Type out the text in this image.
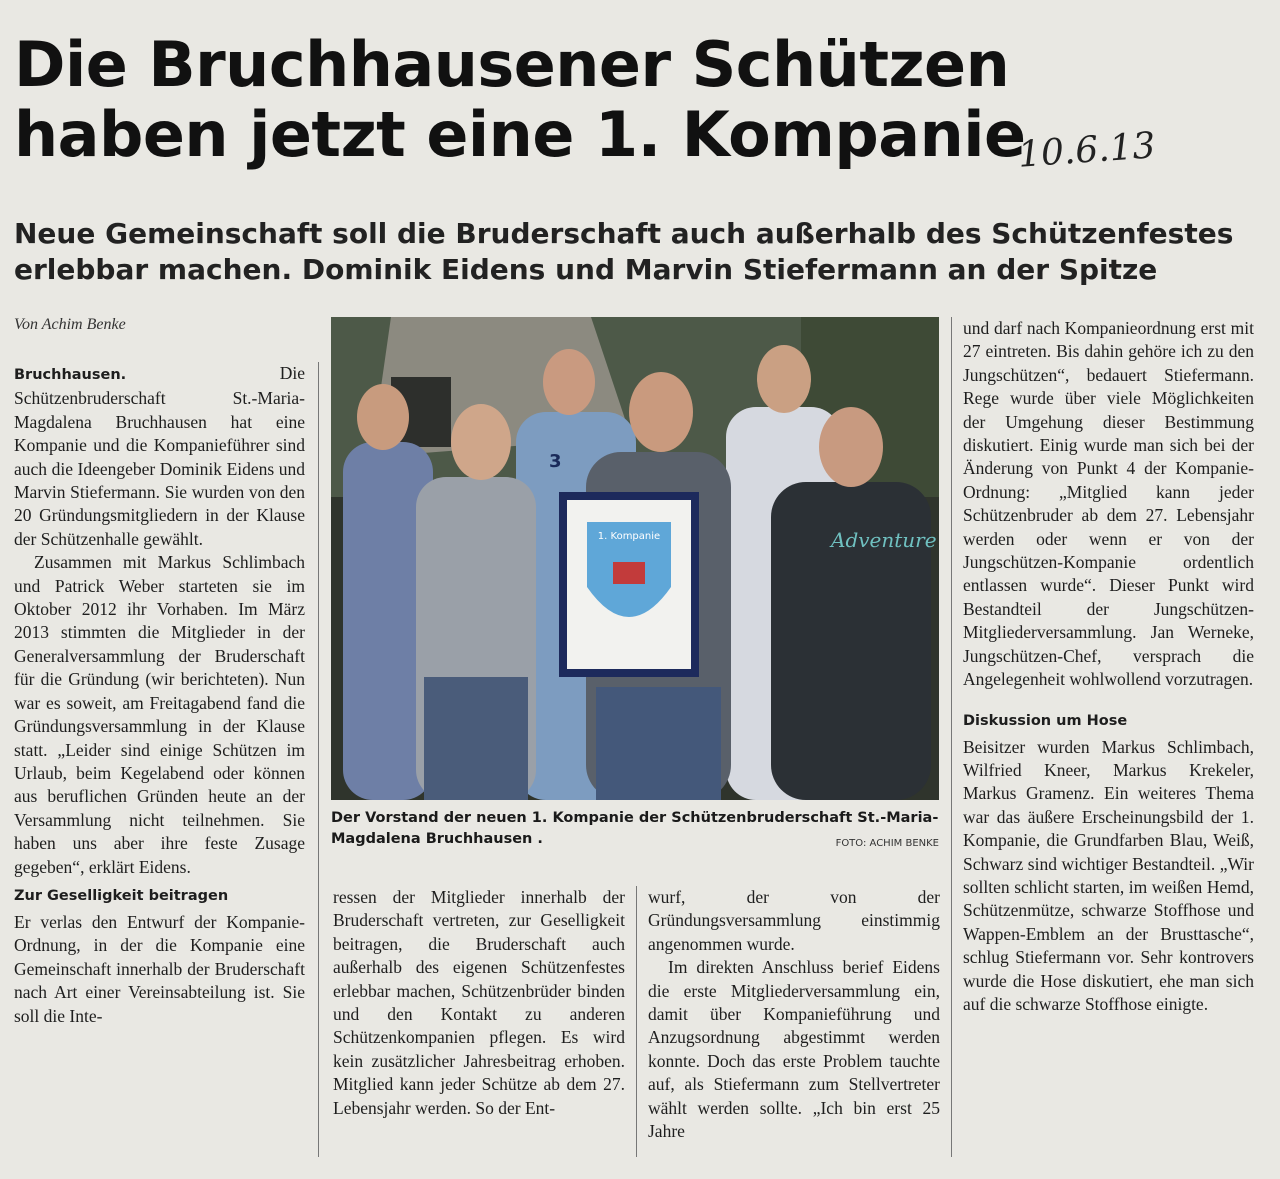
Die Bruchhausener Schützen
haben jetzt eine 1. Kompanie
10.6.13
Neue Gemeinschaft soll die Bruderschaft auch außerhalb des Schützenfestes
erlebbar machen. Dominik Eidens und Marvin Stiefermann an der Spitze
Von Achim Benke

Bruchhausen.	Die Schützenbruderschaft St.-Maria-Magdalena Bruchhausen hat eine Kompanie und die Kompanieführer sind auch die Ideengeber Dominik Eidens und Marvin Stiefermann. Sie wurden von den 20 Gründungsmitgliedern in der Klause der Schützenhalle gewählt.

Zusammen mit Markus Schlimbach und Patrick Weber starteten sie im Oktober 2012 ihr Vorhaben. Im März 2013 stimmten die Mitglieder in der Generalversammlung der Bruderschaft für die Gründung (wir berichteten). Nun war es soweit, am Freitagabend fand die Gründungsversammlung in der Klause statt. „Leider sind einige Schützen im Urlaub, beim Kegelabend oder können aus beruflichen Gründen heute an der Versammlung nicht teilnehmen. Sie haben uns aber ihre feste Zusage gegeben“, erklärt Eidens.

Zur Geselligkeit beitragen

Er verlas den Entwurf der Kompanie-Ordnung, in der die Kompanie eine Gemeinschaft innerhalb der Bruderschaft nach Art einer Vereinsabteilung ist. Sie soll die Inte-

Adventure
1. Kompanie
3
Der Vorstand der neuen 1. Kompanie der Schützenbruderschaft St.-Maria-Magdalena Bruchhausen .	FOTO: ACHIM BENKE

ressen der Mitglieder innerhalb der Bruderschaft vertreten, zur Geselligkeit beitragen, die Bruderschaft auch außerhalb des eigenen Schützenfestes erlebbar machen, Schützenbrüder binden und den Kontakt zu anderen Schützenkompanien pflegen. Es wird kein zusätzlicher Jahresbeitrag erhoben. Mitglied kann jeder Schütze ab dem 27. Lebensjahr werden. So der Ent-

wurf, der von der Gründungsversammlung einstimmig angenommen wurde.

Im direkten Anschluss berief Eidens die erste Mitgliederversammlung ein, damit über Kompanieführung und Anzugsordnung abgestimmt werden konnte. Doch das erste Problem tauchte auf, als Stiefermann zum Stellvertreter wählt werden sollte. „Ich bin erst 25 Jahre

und darf nach Kompanieordnung erst mit 27 eintreten. Bis dahin gehöre ich zu den Jungschützen“, bedauert Stiefermann. Rege wurde über viele Möglichkeiten der Umgehung dieser Bestimmung diskutiert. Einig wurde man sich bei der Änderung von Punkt 4 der Kompanie-Ordnung: „Mitglied kann jeder Schützenbruder ab dem 27. Lebensjahr werden oder wenn er von der Jungschützen-Kompanie ordentlich entlassen wurde“. Dieser Punkt wird Bestandteil der Jungschützen-Mitgliederversammlung. Jan Werneke, Jungschützen-Chef, versprach die Angelegenheit wohlwollend vorzutragen.

Diskussion um Hose

Beisitzer wurden Markus Schlimbach, Wilfried Kneer, Markus Krekeler, Markus Gramenz. Ein weiteres Thema war das äußere Erscheinungsbild der 1. Kompanie, die Grundfarben Blau, Weiß, Schwarz sind wichtiger Bestandteil. „Wir sollten schlicht starten, im weißen Hemd, Schützenmütze, schwarze Stoffhose und Wappen-Emblem an der Brusttasche“, schlug Stiefermann vor. Sehr kontrovers wurde die Hose diskutiert, ehe man sich auf die schwarze Stoffhose einigte.
